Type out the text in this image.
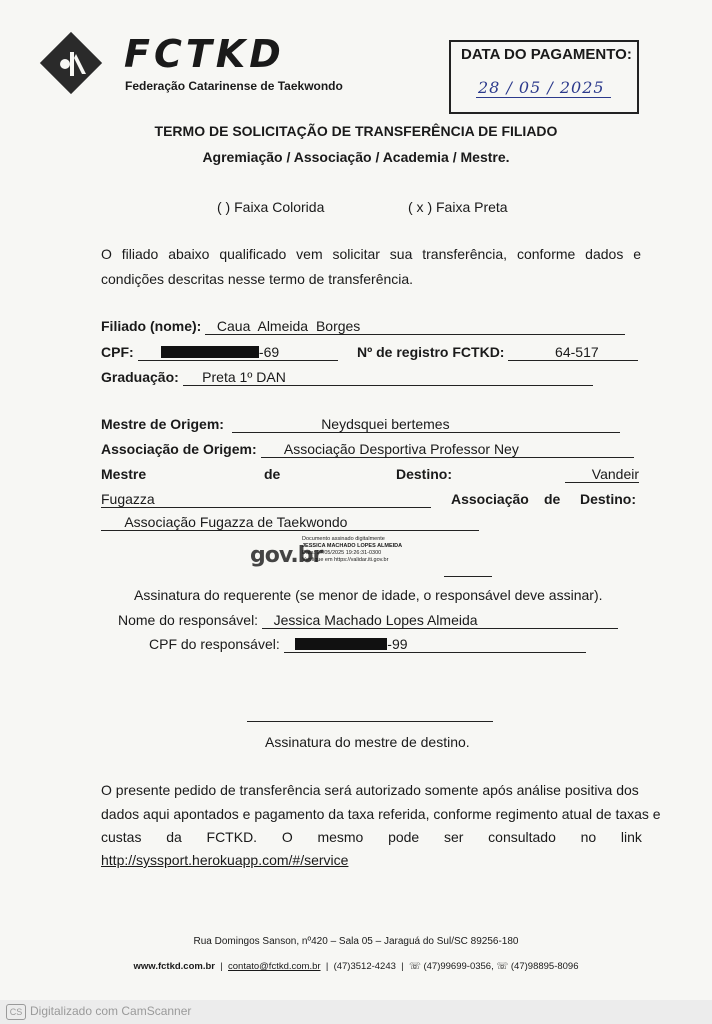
FCTKD
Federação Catarinense de Taekwondo
DATA DO PAGAMENTO:
28 / 05 / 2025
TERMO DE SOLICITAÇÃO DE TRANSFERÊNCIA DE FILIADO
Agremiação / Associação / Academia / Mestre.
( ) Faixa Colorida	( x ) Faixa Preta
O filiado abaixo qualificado vem solicitar sua transferência, conforme dados e condições descritas nesse termo de transferência.
Filiado (nome): Caua Almeida Borges
CPF:	-69	Nº de registro FCTKD:	64-517
Graduação: Preta 1º DAN
Mestre de Origem:	Neydsquei bertemes
Associação de Origem: Associação Desportiva Professor Ney
Mestre	de	Destino:	Vandeir
Fugazza	Associação de Destino:
Associação Fugazza de Taekwondo
gov.br
Documento assinado digitalmente
JESSICA MACHADO LOPES ALMEIDA
Data: 27/05/2025 19:26:31-0300
Verifique em https://validar.iti.gov.br
Assinatura do requerente (se menor de idade, o responsável deve assinar).
Nome do responsável: Jessica Machado Lopes Almeida
CPF do responsável:	-99
Assinatura do mestre de destino.
O presente pedido de transferência será autorizado somente após análise positiva dos
dados aqui apontados e pagamento da taxa referida, conforme regimento atual de taxas e
custas da FCTKD. O mesmo pode ser consultado no link
http://syssport.herokuapp.com/#/service
Rua Domingos Sanson, nº420 – Sala 05 – Jaraguá do Sul/SC 89256-180
www.fctkd.com.br  |  contato@fctkd.com.br  |  (47)3512-4243  |  ☏ (47)99699-0356, ☏ (47)98895-8096
CS Digitalizado com CamScanner
